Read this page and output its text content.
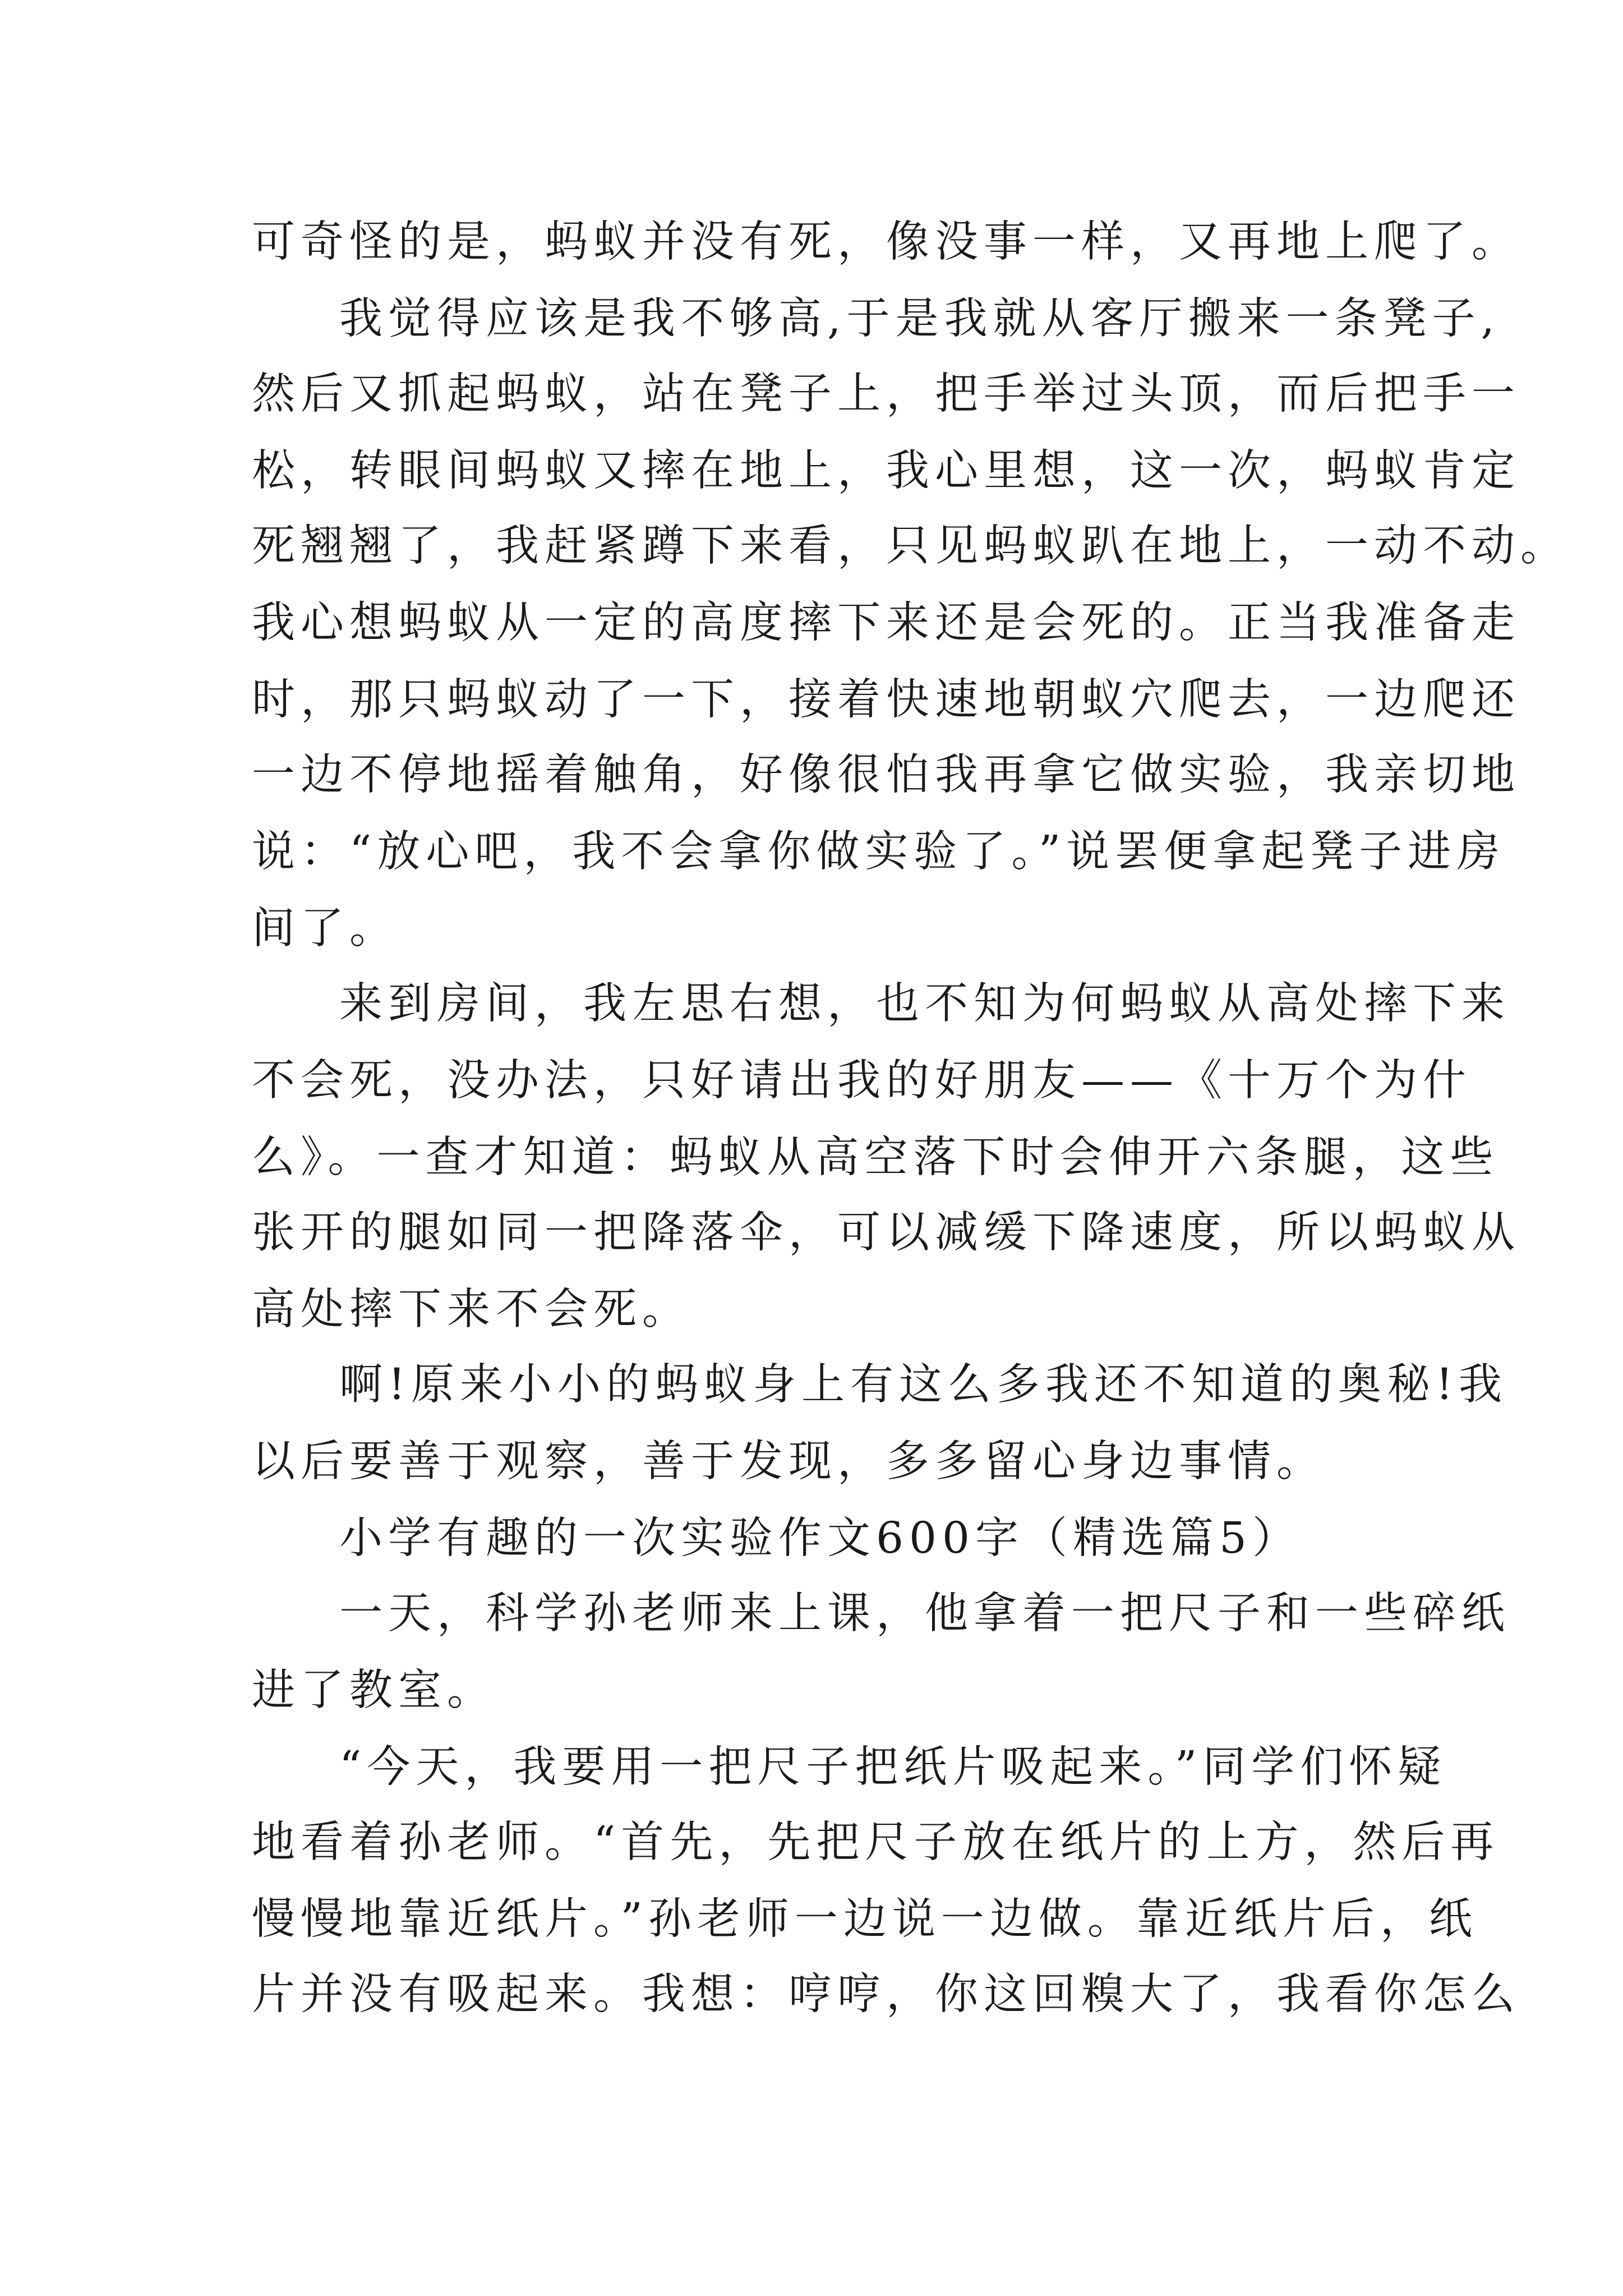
可奇怪的是，蚂蚁并没有死，像没事一样，又再地上爬了。
我觉得应该是我不够高,于是我就从客厅搬来一条凳子,
然后又抓起蚂蚁，站在凳子上，把手举过头顶，而后把手一
松，转眼间蚂蚁又摔在地上，我心里想，这一次，蚂蚁肯定
死翘翘了，我赶紧蹲下来看，只见蚂蚁趴在地上，一动不动。
我心想蚂蚁从一定的高度摔下来还是会死的。正当我准备走
时，那只蚂蚁动了一下，接着快速地朝蚁穴爬去，一边爬还
一边不停地摇着触角，好像很怕我再拿它做实验，我亲切地
说：“放心吧，我不会拿你做实验了。”说罢便拿起凳子进房
间了。
来到房间，我左思右想，也不知为何蚂蚁从高处摔下来
不会死，没办法，只好请出我的好朋友——《十万个为什
么》。一查才知道：蚂蚁从高空落下时会伸开六条腿，这些
张开的腿如同一把降落伞，可以减缓下降速度，所以蚂蚁从
高处摔下来不会死。
啊!原来小小的蚂蚁身上有这么多我还不知道的奥秘!我
以后要善于观察，善于发现，多多留心身边事情。
小学有趣的一次实验作文600字（精选篇5）
一天，科学孙老师来上课，他拿着一把尺子和一些碎纸
进了教室。
“今天，我要用一把尺子把纸片吸起来。”同学们怀疑
地看着孙老师。“首先，先把尺子放在纸片的上方，然后再
慢慢地靠近纸片。”孙老师一边说一边做。靠近纸片后，纸
片并没有吸起来。我想：哼哼，你这回糗大了，我看你怎么
